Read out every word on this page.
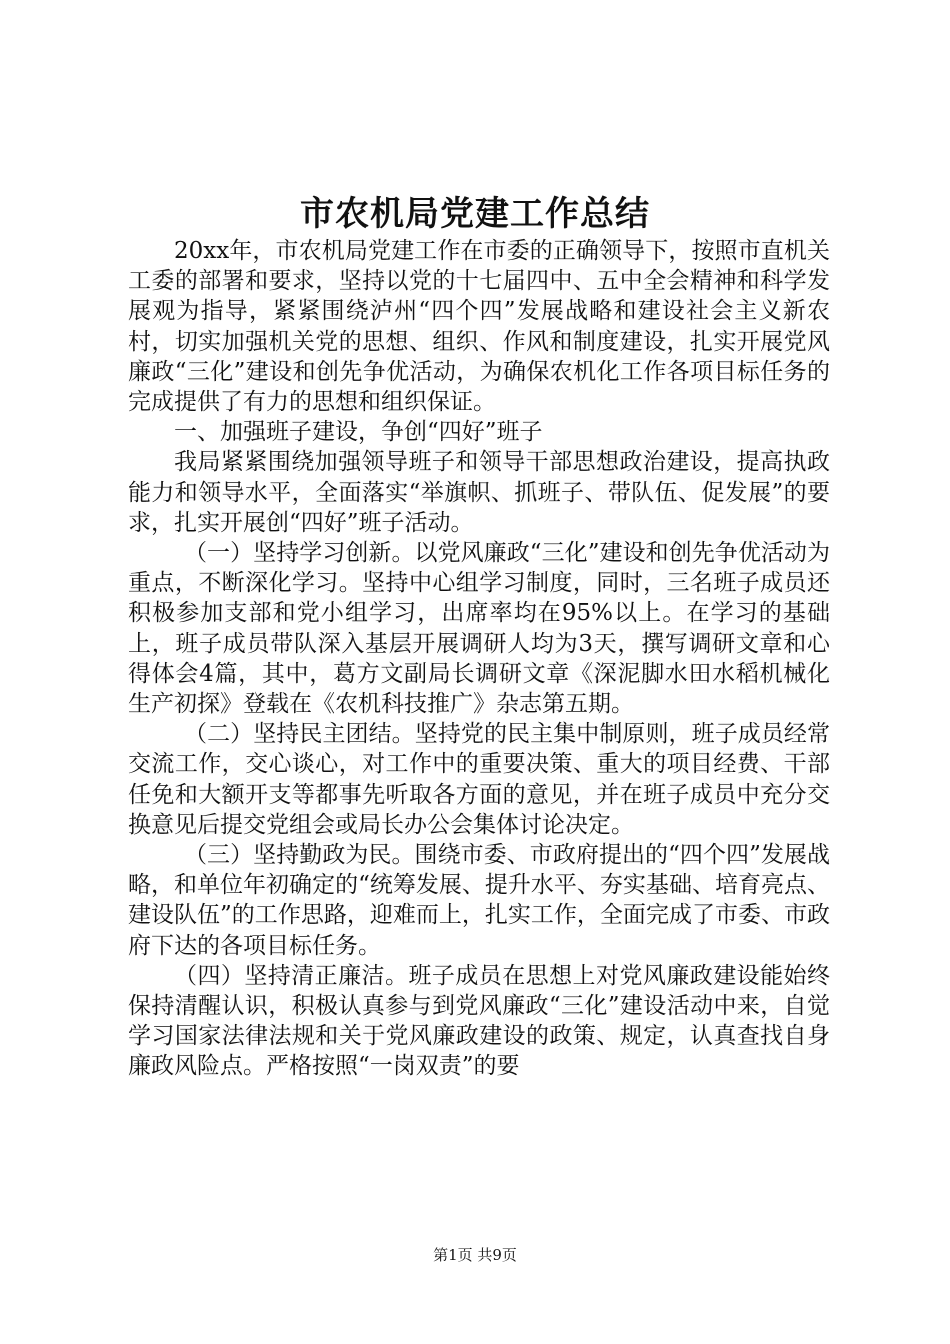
市农机局党建工作总结

20xx年，市农机局党建工作在市委的正确领导下，按照市直机关工委的部署和要求，坚持以党的十七届四中、五中全会精神和科学发展观为指导，紧紧围绕泸州“四个四”发展战略和建设社会主义新农村，切实加强机关党的思想、组织、作风和制度建设，扎实开展党风廉政“三化”建设和创先争优活动，为确保农机化工作各项目标任务的完成提供了有力的思想和组织保证。

一、加强班子建设，争创“四好”班子

我局紧紧围绕加强领导班子和领导干部思想政治建设，提高执政能力和领导水平，全面落实“举旗帜、抓班子、带队伍、促发展”的要求，扎实开展创“四好”班子活动。

（一）坚持学习创新。以党风廉政“三化”建设和创先争优活动为重点，不断深化学习。坚持中心组学习制度，同时，三名班子成员还积极参加支部和党小组学习，出席率均在95%以上。在学习的基础上，班子成员带队深入基层开展调研人均为3天，撰写调研文章和心得体会4篇，其中，葛方文副局长调研文章《深泥脚水田水稻机械化生产初探》登载在《农机科技推广》杂志第五期。

（二）坚持民主团结。坚持党的民主集中制原则，班子成员经常交流工作，交心谈心，对工作中的重要决策、重大的项目经费、干部任免和大额开支等都事先听取各方面的意见，并在班子成员中充分交换意见后提交党组会或局长办公会集体讨论决定。

（三）坚持勤政为民。围绕市委、市政府提出的“四个四”发展战略，和单位年初确定的“统筹发展、提升水平、夯实基础、培育亮点、建设队伍”的工作思路，迎难而上，扎实工作，全面完成了市委、市政府下达的各项目标任务。

（四）坚持清正廉洁。班子成员在思想上对党风廉政建设能始终保持清醒认识，积极认真参与到党风廉政“三化”建设活动中来，自觉学习国家法律法规和关于党风廉政建设的政策、规定，认真查找自身廉政风险点。严格按照“一岗双责”的要

第1页 共9页
